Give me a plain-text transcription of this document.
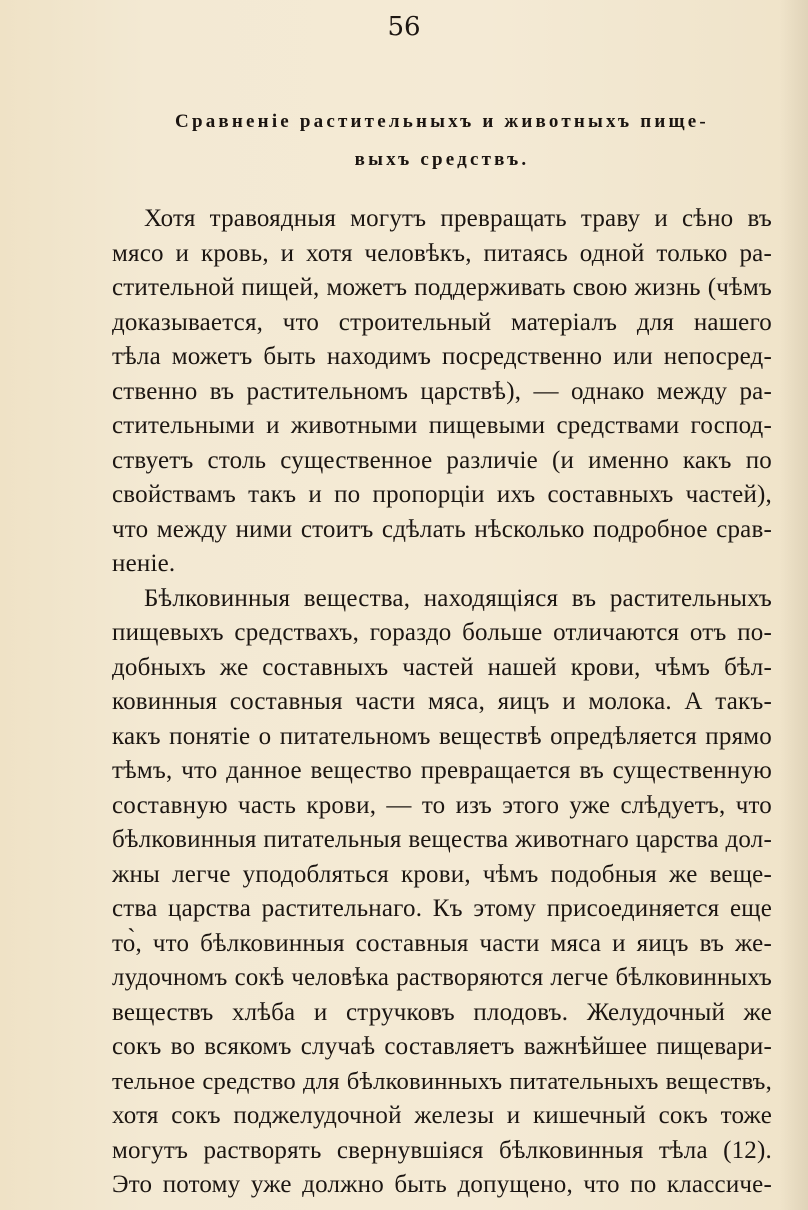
56
Сравненіе растительныхъ и животныхъ пище-
выхъ средствъ.
Хотя травоядныя могутъ превращать траву и сѣно въ
мясо и кровь, и хотя человѣкъ, питаясь одной только ра-
стительной пищей, можетъ поддерживать свою жизнь (чѣмъ
доказывается, что строительный матеріалъ для нашего
тѣла можетъ быть находимъ посредственно или непосред-
ственно въ растительномъ царствѣ), — однако между ра-
стительными и животными пищевыми средствами господ-
ствуетъ столь существенное различіе (и именно какъ по
свойствамъ такъ и по пропорціи ихъ составныхъ частей),
что между ними стоитъ сдѣлать нѣсколько подробное срав-
неніе.
Бѣлковинныя вещества, находящіяся въ растительныхъ
пищевыхъ средствахъ, гораздо больше отличаются отъ по-
добныхъ же составныхъ частей нашей крови, чѣмъ бѣл-
ковинныя составныя части мяса, яицъ и молока. А такъ-
какъ понятіе о питательномъ веществѣ опредѣляется прямо
тѣмъ, что данное вещество превращается въ существенную
составную часть крови, — то изъ этого уже слѣдуетъ, что
бѣлковинныя питательныя вещества животнаго царства дол-
жны легче уподобляться крови, чѣмъ подобныя же веще-
ства царства растительнаго. Къ этому присоединяется еще
то̀, что бѣлковинныя составныя части мяса и яицъ въ же-
лудочномъ сокѣ человѣка растворяются легче бѣлковинныхъ
веществъ хлѣба и стручковъ плодовъ. Желудочный же
сокъ во всякомъ случаѣ составляетъ важнѣйшее пищевари-
тельное средство для бѣлковинныхъ питательныхъ веществъ,
хотя сокъ поджелудочной железы и кишечный сокъ тоже
могутъ растворять свернувшіяся бѣлковинныя тѣла (12).
Это потому уже должно быть допущено, что по классиче-
